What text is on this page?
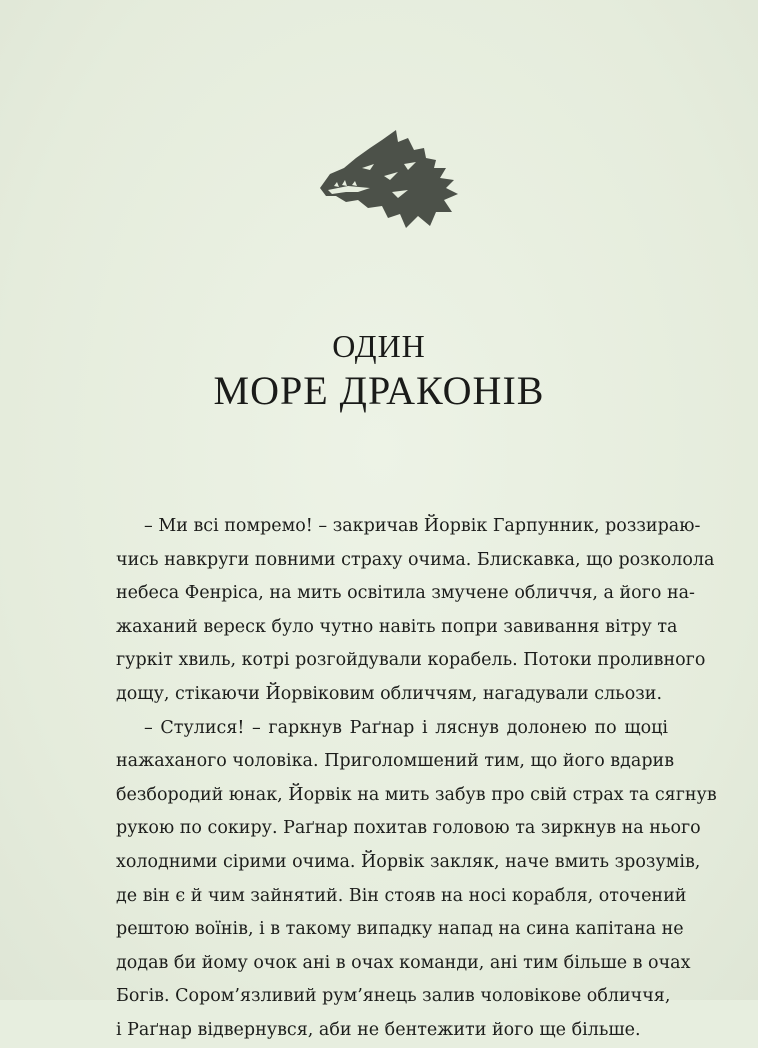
ОДИН
МОРЕ ДРАКОНІВ
– Ми всі помремо! – закричав Йорвік Гарпунник, роззираю-
чись навкруги повними страху очима. Блискавка, що розколола
небеса Фенріса, на мить освітила змучене обличчя, а його на-
жаханий вереск було чутно навіть попри завивання вітру та
гуркіт хвиль, котрі розгойдували корабель. Потоки проливного
дощу, стікаючи Йорвіковим обличчям, нагадували сльози.
– Стулися! – гаркнув Раґнар і ляснув долонею по щоці
нажаханого чоловіка. Приголомшений тим, що його вдарив
безбородий юнак, Йорвік на мить забув про свій страх та сягнув
рукою по сокиру. Раґнар похитав головою та зиркнув на нього
холодними сірими очима. Йорвік закляк, наче вмить зрозумів,
де він є й чим зайнятий. Він стояв на носі корабля, оточений
рештою воїнів, і в такому випадку напад на сина капітана не
додав би йому очок ані в очах команди, ані тим більше в очах
Богів. Сором’язливий рум’янець залив чоловікове обличчя,
і Раґнар відвернувся, аби не бентежити його ще більше.
